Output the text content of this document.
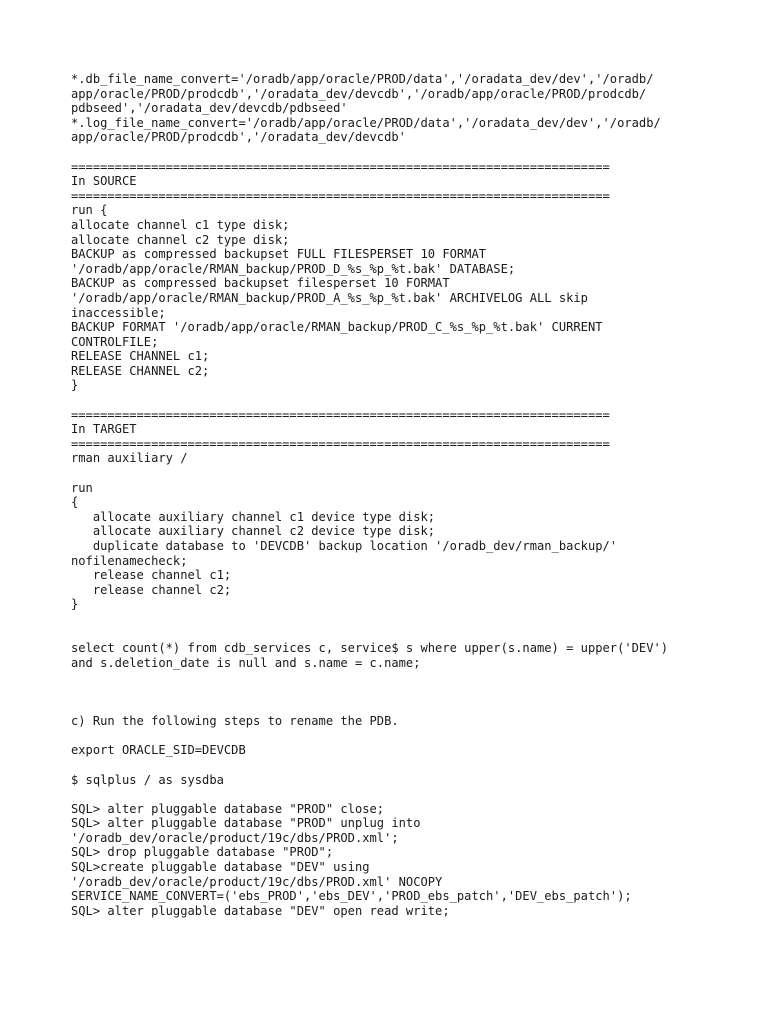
*.db_file_name_convert='/oradb/app/oracle/PROD/data','/oradata_dev/dev','/oradb/
app/oracle/PROD/prodcdb','/oradata_dev/devcdb','/oradb/app/oracle/PROD/prodcdb/
pdbseed','/oradata_dev/devcdb/pdbseed'
*.log_file_name_convert='/oradb/app/oracle/PROD/data','/oradata_dev/dev','/oradb/
app/oracle/PROD/prodcdb','/oradata_dev/devcdb'
==========================================================================
In SOURCE
==========================================================================
run {
allocate channel c1 type disk;
allocate channel c2 type disk;
BACKUP as compressed backupset FULL FILESPERSET 10 FORMAT
'/oradb/app/oracle/RMAN_backup/PROD_D_%s_%p_%t.bak' DATABASE;
BACKUP as compressed backupset filesperset 10 FORMAT
'/oradb/app/oracle/RMAN_backup/PROD_A_%s_%p_%t.bak' ARCHIVELOG ALL skip
inaccessible;
BACKUP FORMAT '/oradb/app/oracle/RMAN_backup/PROD_C_%s_%p_%t.bak' CURRENT
CONTROLFILE;
RELEASE CHANNEL c1;
RELEASE CHANNEL c2;
}
==========================================================================
In TARGET
==========================================================================
rman auxiliary /
run
{
allocate auxiliary channel c1 device type disk;
allocate auxiliary channel c2 device type disk;
duplicate database to 'DEVCDB' backup location '/oradb_dev/rman_backup/'
nofilenamecheck;
release channel c1;
release channel c2;
}
select count(*) from cdb_services c, service$ s where upper(s.name) = upper('DEV')
and s.deletion_date is null and s.name = c.name;
c) Run the following steps to rename the PDB.
export ORACLE_SID=DEVCDB
$ sqlplus / as sysdba
SQL> alter pluggable database "PROD" close;
SQL> alter pluggable database "PROD" unplug into
'/oradb_dev/oracle/product/19c/dbs/PROD.xml';
SQL> drop pluggable database "PROD";
SQL>create pluggable database "DEV" using
'/oradb_dev/oracle/product/19c/dbs/PROD.xml' NOCOPY
SERVICE_NAME_CONVERT=('ebs_PROD','ebs_DEV','PROD_ebs_patch','DEV_ebs_patch');
SQL> alter pluggable database "DEV" open read write;
